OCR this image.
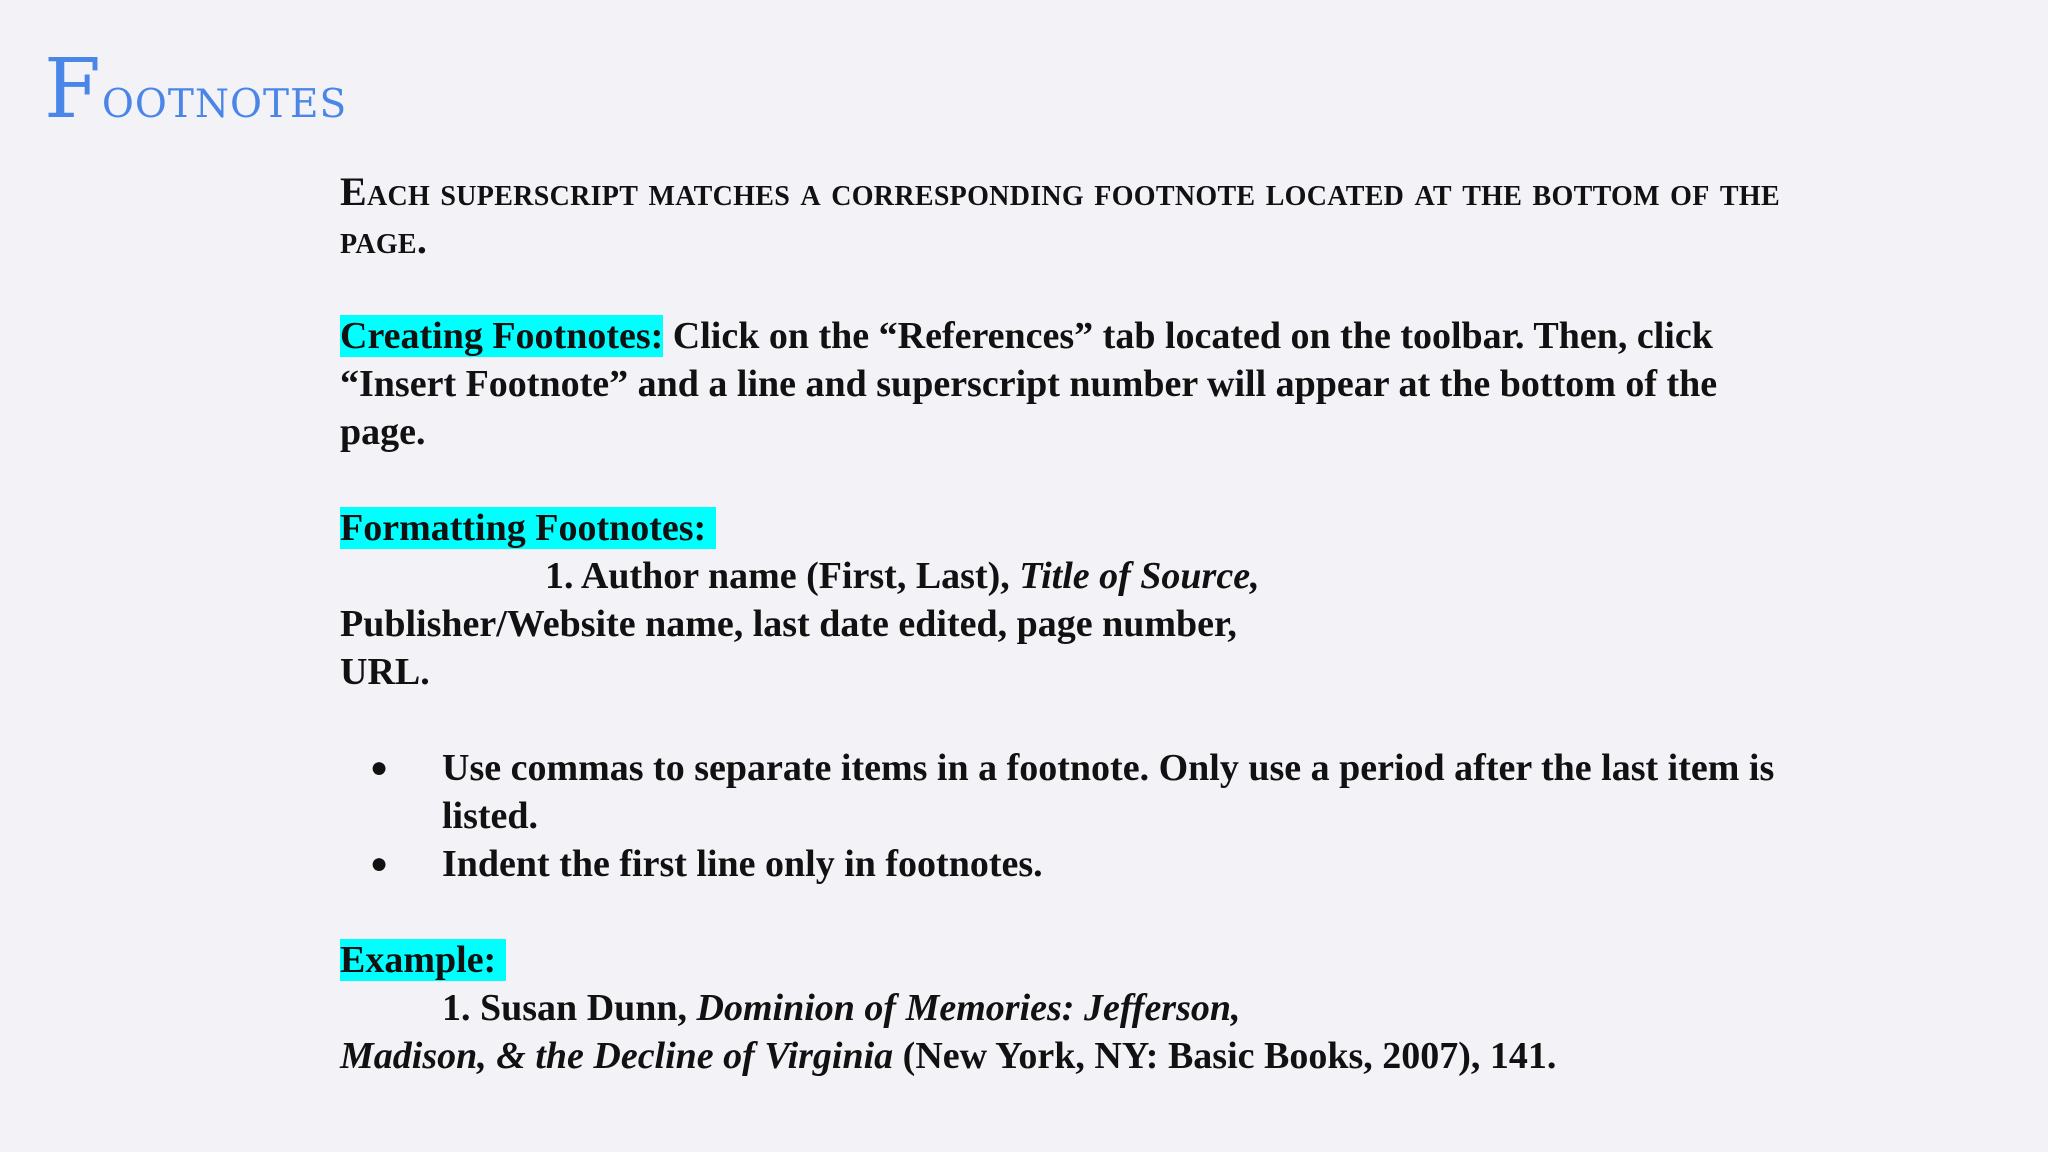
Footnotes

Each superscript matches a corresponding footnote located at the bottom of the page.

Creating Footnotes: Click on the “References” tab located on the toolbar. Then, click “Insert Footnote” and a line and superscript number will appear at the bottom of the page.

Formatting Footnotes:

1. Author name (First, Last), Title of Source,

Publisher/Website name, last date edited, page number,

URL.

● Use commas to separate items in a footnote. Only use a period after the last item is listed.
● Indent the first line only in footnotes.

Example:

1. Susan Dunn, Dominion of Memories: Jefferson,

Madison, & the Decline of Virginia (New York, NY: Basic Books, 2007), 141.
